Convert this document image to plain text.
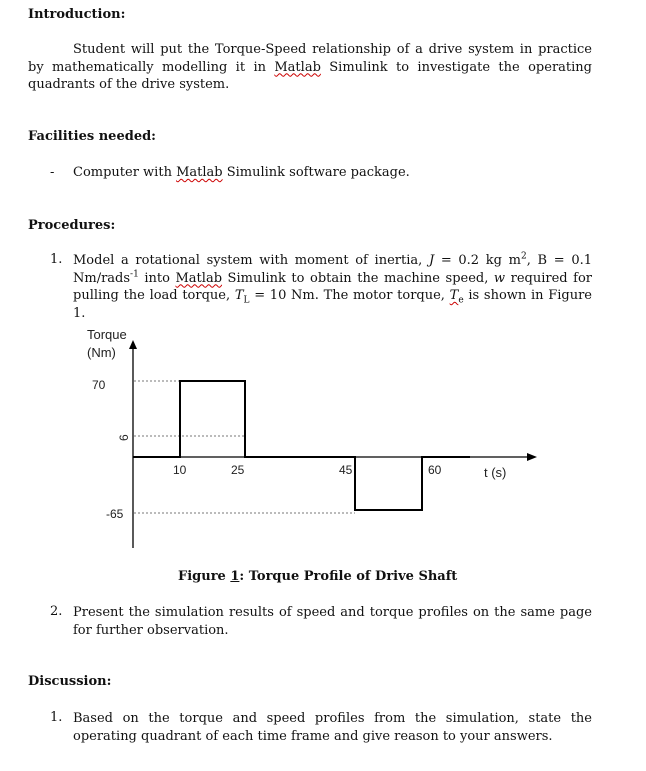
Introduction:
Student will put the Torque-Speed relationship of a drive system in practice by mathematically modelling it in Matlab Simulink to investigate the operating quadrants of the drive system.
Facilities needed:
- Computer with Matlab Simulink software package.
Procedures:
1. Model a rotational system with moment of inertia, J = 0.2 kg $m^2$, B = 0.1 Nm/rads$^{-1}$ into Matlab Simulink to obtain the machine speed, w required for pulling the load torque, $T_L = 10$ Nm. The motor torque, $T_e$ is shown in Figure 1.
Torque
(Nm)
70
6
-65
10	25	45	60	t (s)
Figure 1: Torque Profile of Drive Shaft
2. Present the simulation results of speed and torque profiles on the same page for further observation.
Discussion:
1. Based on the torque and speed profiles from the simulation, state the operating quadrant of each time frame and give reason to your answers.
